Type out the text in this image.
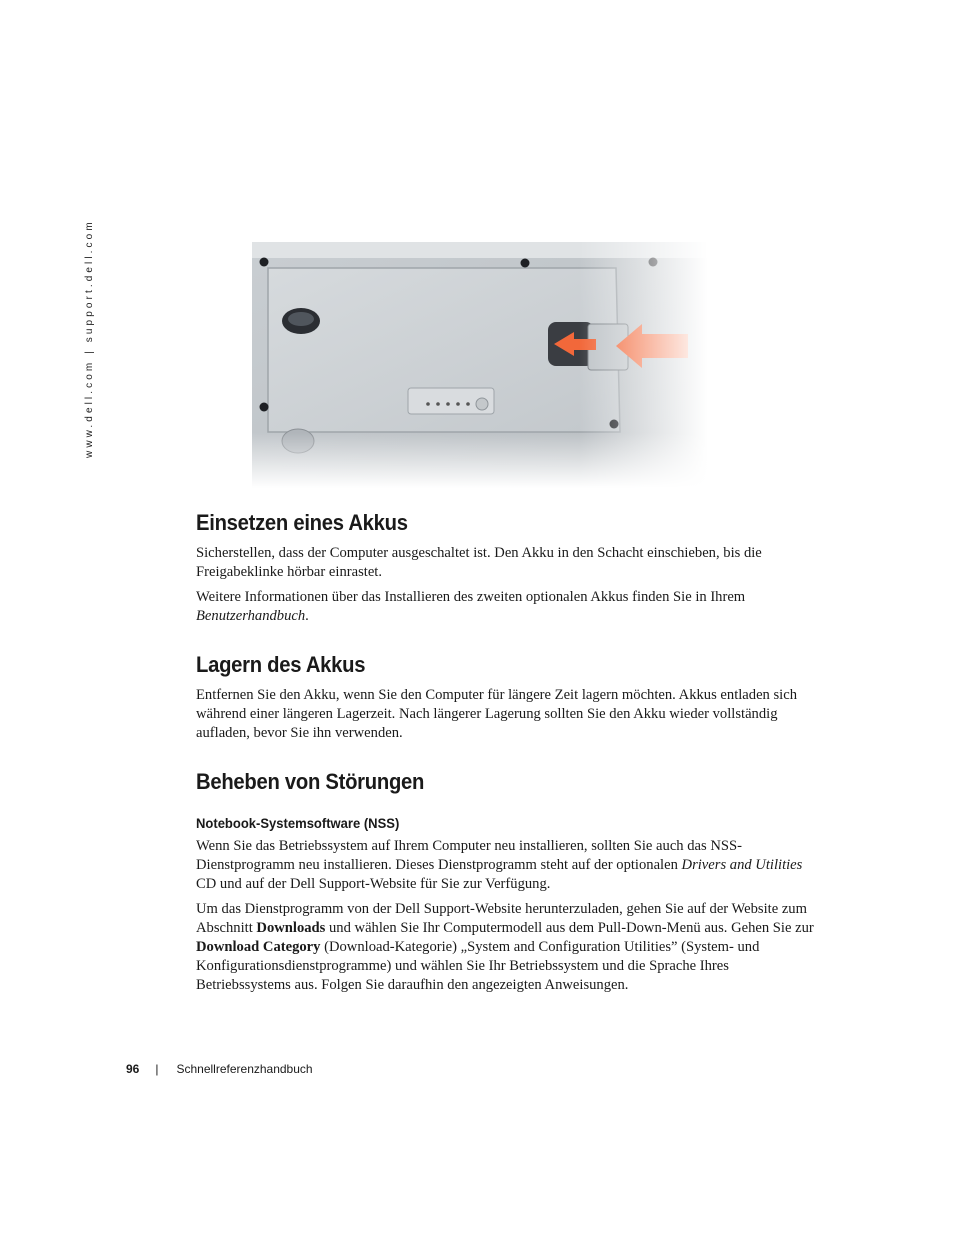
www.dell.com | support.dell.com
Einsetzen eines Akkus

Sicherstellen, dass der Computer ausgeschaltet ist. Den Akku in den Schacht einschieben, bis die Freigabeklinke hörbar einrastet.

Weitere Informationen über das Installieren des zweiten optionalen Akkus finden Sie in Ihrem Benutzerhandbuch.

Lagern des Akkus

Entfernen Sie den Akku, wenn Sie den Computer für längere Zeit lagern möchten. Akkus entladen sich während einer längeren Lagerzeit. Nach längerer Lagerung sollten Sie den Akku wieder vollständig aufladen, bevor Sie ihn verwenden.

Beheben von Störungen
Notebook-Systemsoftware (NSS)

Wenn Sie das Betriebssystem auf Ihrem Computer neu installieren, sollten Sie auch das NSS-Dienstprogramm neu installieren. Dieses Dienstprogramm steht auf der optionalen Drivers and Utilities CD und auf der Dell Support-Website für Sie zur Verfügung.

Um das Dienstprogramm von der Dell Support-Website herunterzuladen, gehen Sie auf der Website zum Abschnitt Downloads und wählen Sie Ihr Computermodell aus dem Pull-Down-Menü aus. Gehen Sie zur Download Category (Download-Kategorie) „System and Configuration Utilities” (System- und Konfigurationsdienstprogramme) und wählen Sie Ihr Betriebssystem und die Sprache Ihres Betriebssystems aus. Folgen Sie daraufhin den angezeigten Anweisungen.

96 | Schnellreferenzhandbuch
